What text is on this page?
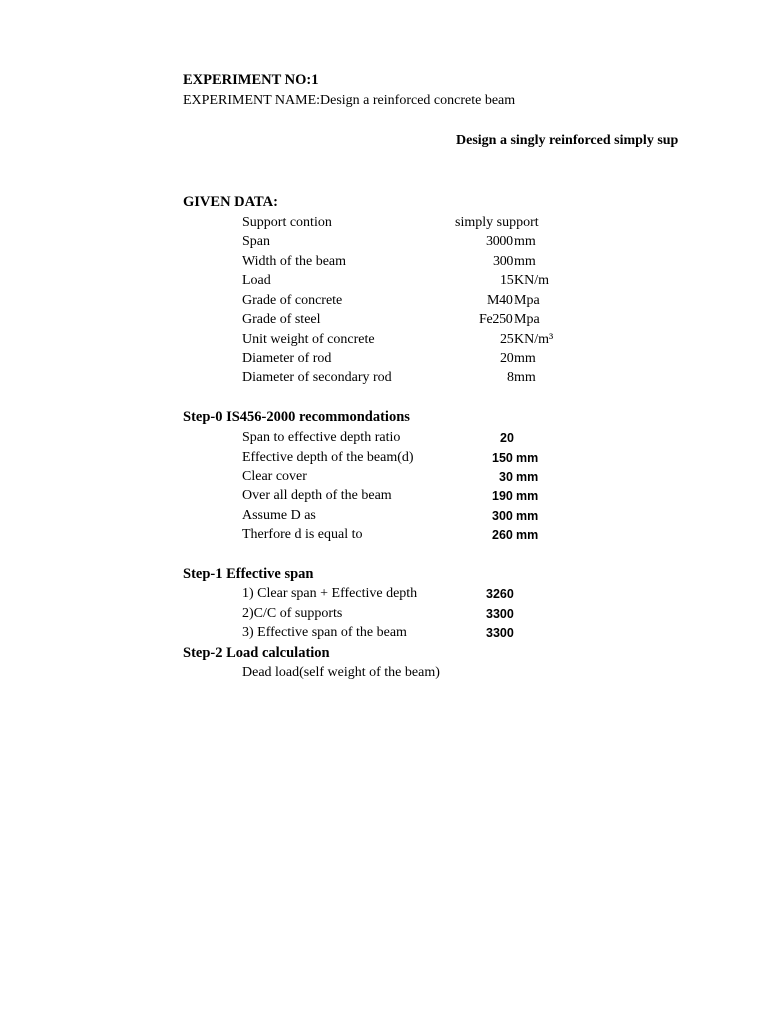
EXPERIMENT NO:1
EXPERIMENT NAME:Design a reinforced concrete beam
Design a singly reinforced simply sup
GIVEN DATA:
Support contion	simply support
Span	3000 mm
Width of the beam	300 mm
Load	15 KN/m
Grade of concrete	M40 Mpa
Grade of steel	Fe250 Mpa
Unit weight of concrete	25 KN/m³
Diameter of rod	20 mm
Diameter of secondary rod	8 mm
Step-0 IS456-2000 recommondations
Span to effective depth ratio	20
Effective depth of the beam(d)	150 mm
Clear cover	30 mm
Over all depth of the beam	190 mm
Assume D as	300 mm
Therfore d is equal to	260 mm
Step-1 Effective span
1) Clear span + Effective depth	3260
2)C/C of supports	3300
3) Effective span of the beam	3300
Step-2 Load calculation
Dead load(self weight of the beam)
